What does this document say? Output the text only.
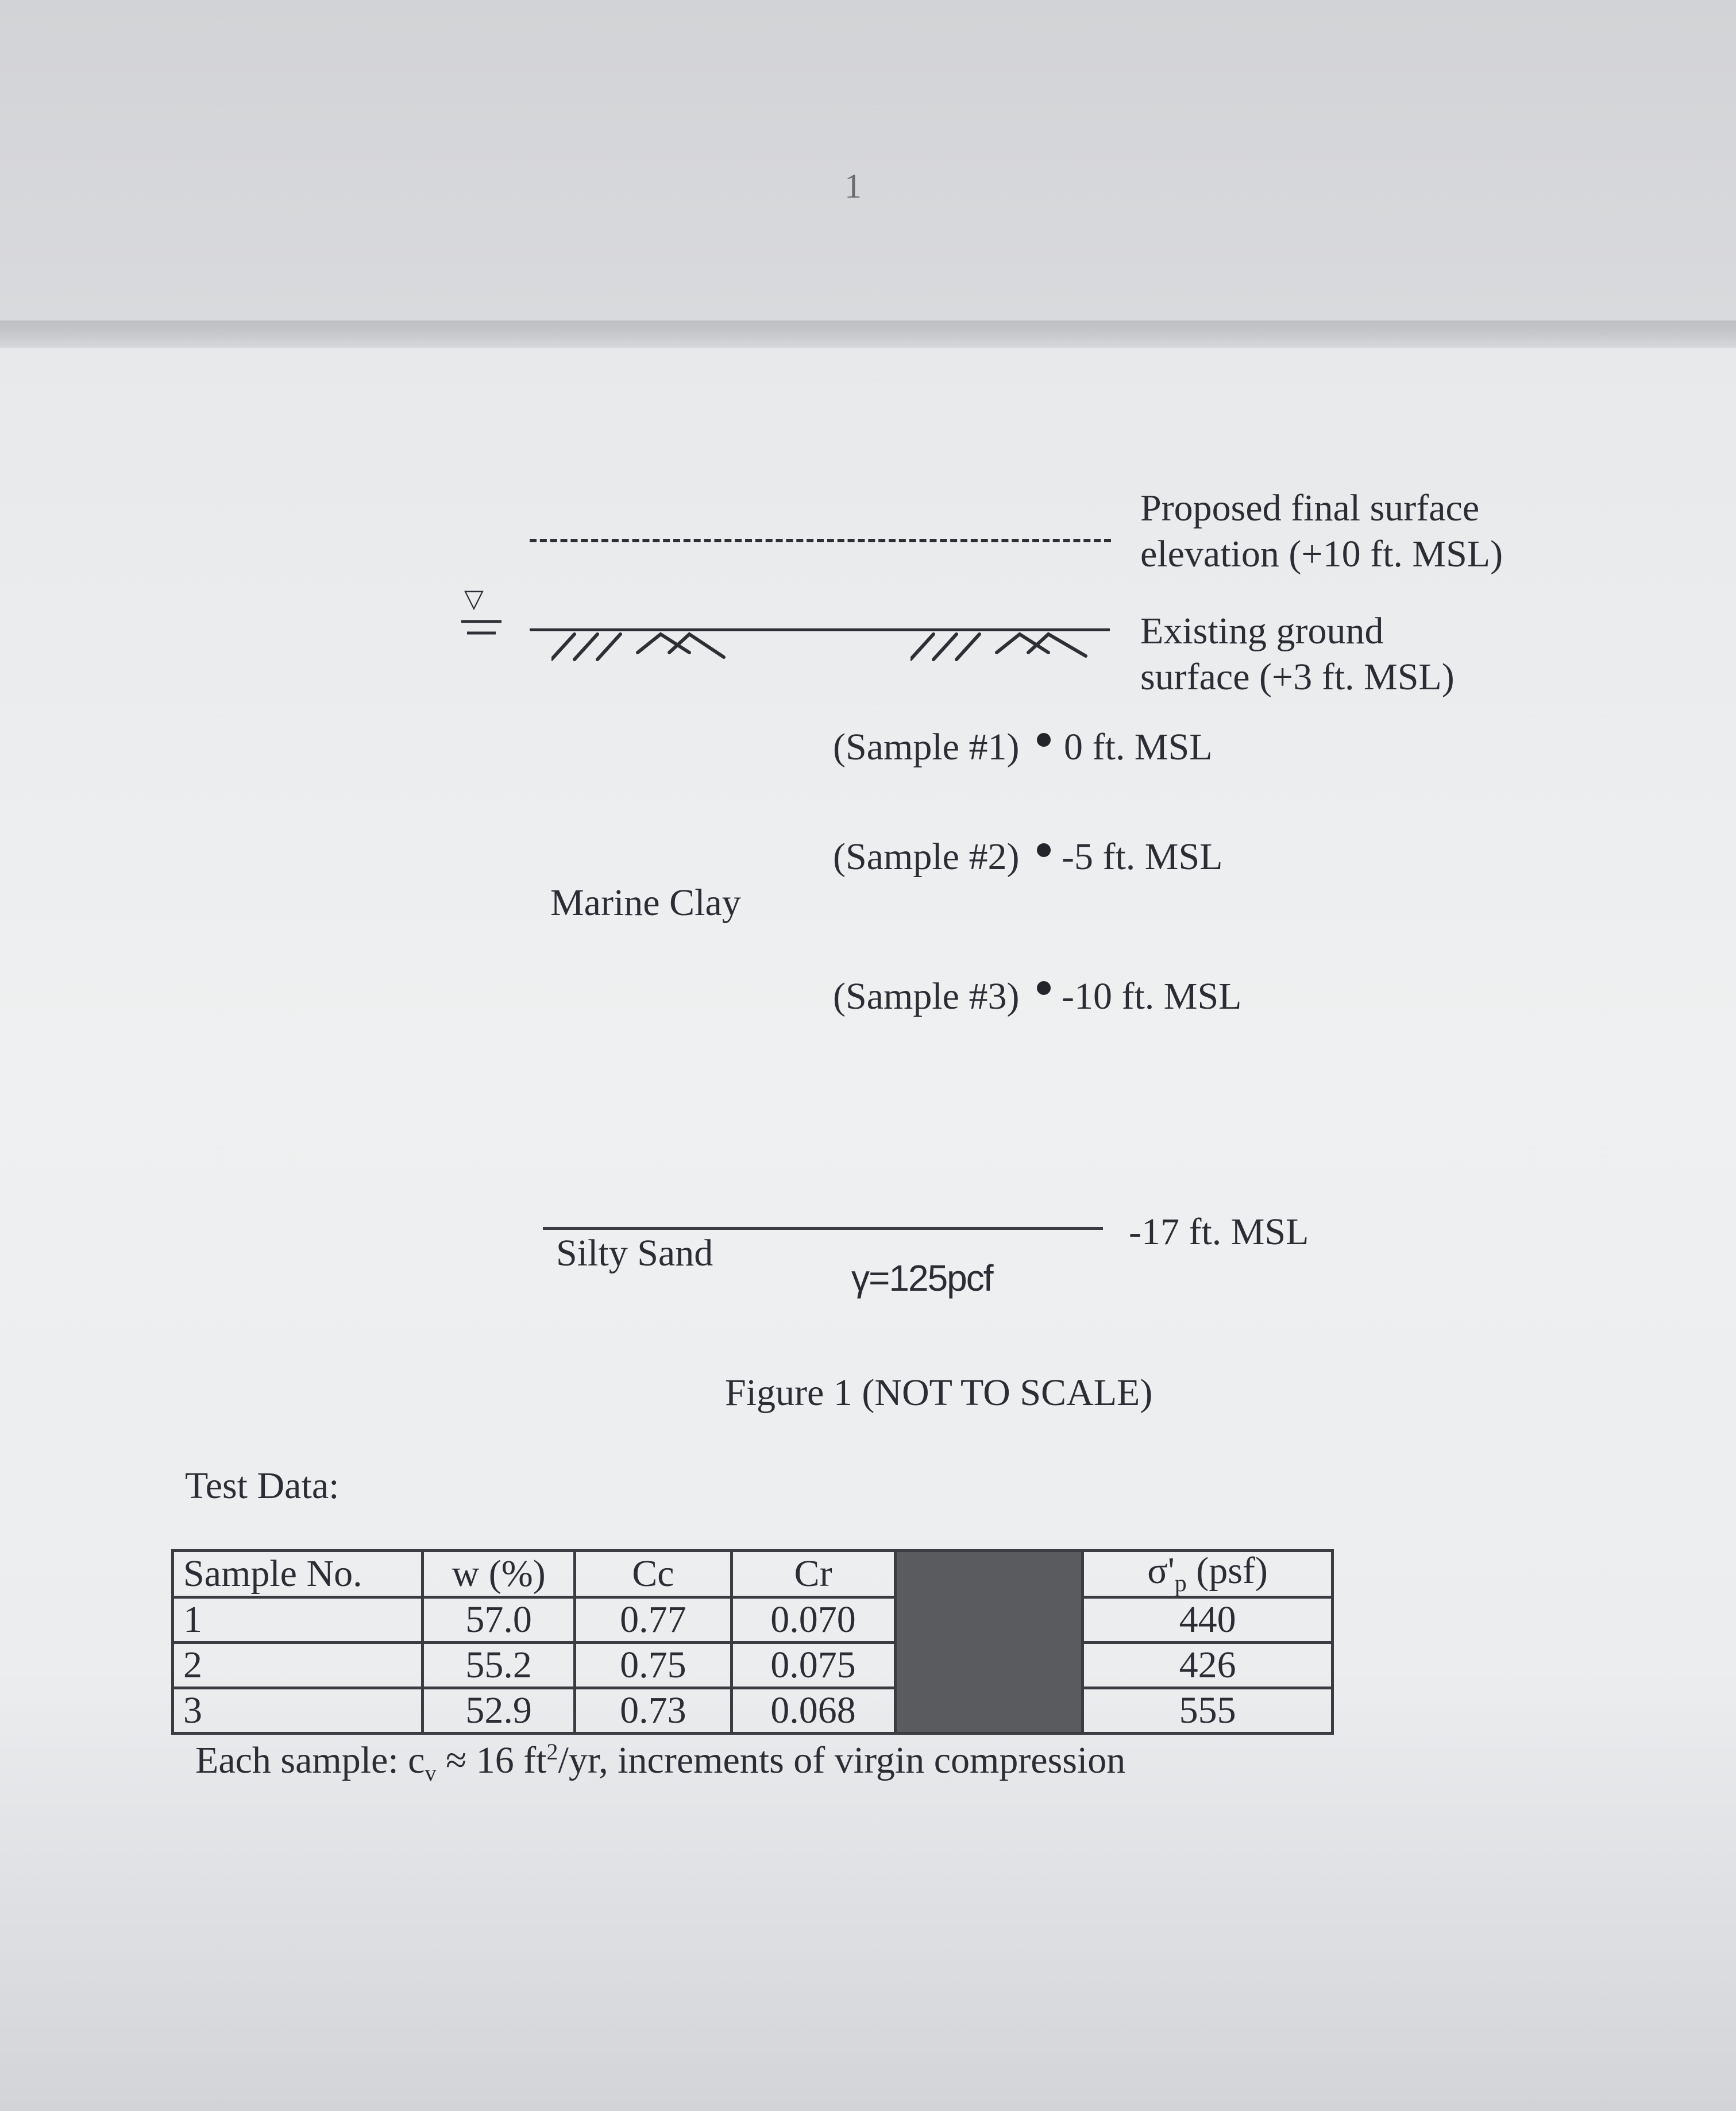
1
Proposed final surface
elevation (+10 ft. MSL)
▽
Existing ground
surface (+3 ft. MSL)
(Sample #1) 0 ft. MSL
(Sample #2) -5 ft. MSL
Marine Clay
(Sample #3) -10 ft. MSL
-17 ft. MSL
Silty Sand
γ=125pcf
Figure 1 (NOT TO SCALE)
Test Data:
Sample No.	w (%)	Cc	Cr		$\sigma'_p$ (psf)
1	57.0	0.77	0.070		440
2	55.2	0.75	0.075		426
3	52.9	0.73	0.068		555
Each sample: $c_v \approx 16$ $ft^2/yr$, increments of virgin compression
